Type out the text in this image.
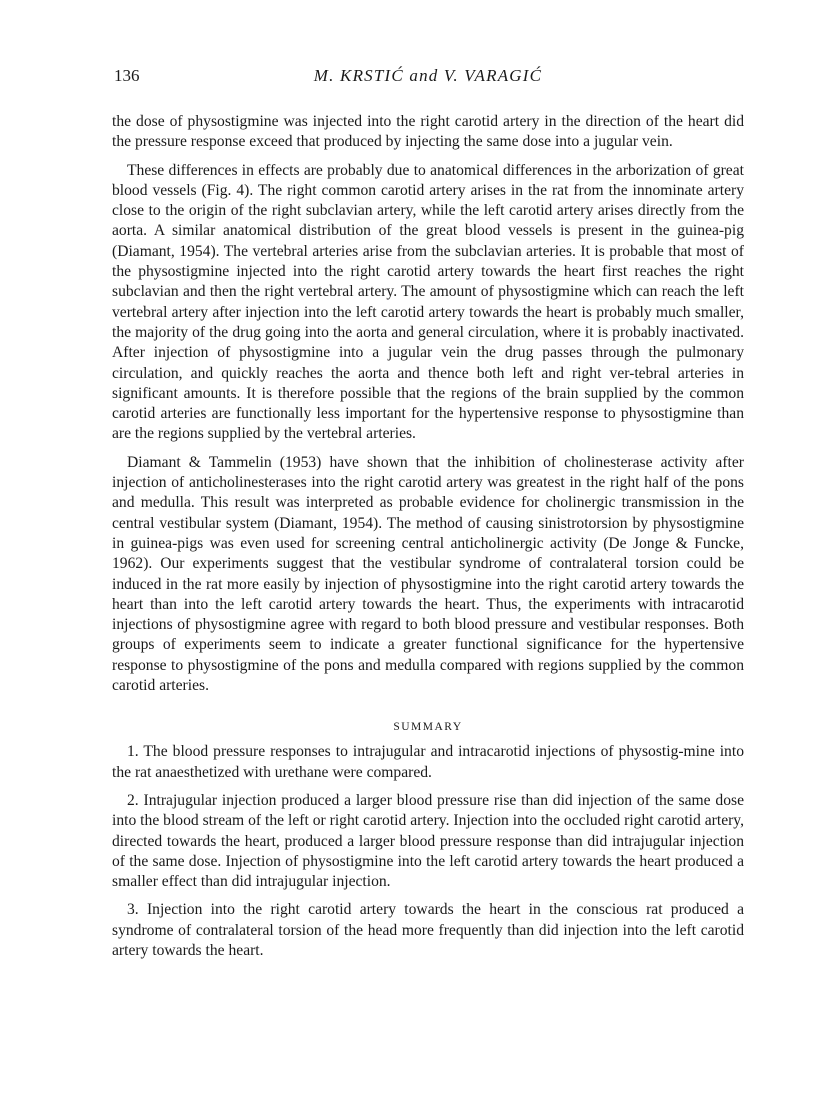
136	M. KRSTIĆ and V. VARAGIĆ

the dose of physostigmine was injected into the right carotid artery in the direction of the heart did the pressure response exceed that produced by injecting the same dose into a jugular vein.

These differences in effects are probably due to anatomical differences in the arborization of great blood vessels (Fig. 4). The right common carotid artery arises in the rat from the innominate artery close to the origin of the right subclavian artery, while the left carotid artery arises directly from the aorta. A similar anatomical distribution of the great blood vessels is present in the guinea-pig (Diamant, 1954). The vertebral arteries arise from the subclavian arteries. It is probable that most of the physostigmine injected into the right carotid artery towards the heart first reaches the right subclavian and then the right vertebral artery. The amount of physostigmine which can reach the left vertebral artery after injection into the left carotid artery towards the heart is probably much smaller, the majority of the drug going into the aorta and general circulation, where it is probably inactivated. After injection of physostigmine into a jugular vein the drug passes through the pulmonary circulation, and quickly reaches the aorta and thence both left and right ver-tebral arteries in significant amounts. It is therefore possible that the regions of the brain supplied by the common carotid arteries are functionally less important for the hypertensive response to physostigmine than are the regions supplied by the vertebral arteries.

Diamant & Tammelin (1953) have shown that the inhibition of cholinesterase activity after injection of anticholinesterases into the right carotid artery was greatest in the right half of the pons and medulla. This result was interpreted as probable evidence for cholinergic transmission in the central vestibular system (Diamant, 1954). The method of causing sinistrotorsion by physostigmine in guinea-pigs was even used for screening central anticholinergic activity (De Jonge & Funcke, 1962). Our experiments suggest that the vestibular syndrome of contralateral torsion could be induced in the rat more easily by injection of physostigmine into the right carotid artery towards the heart than into the left carotid artery towards the heart. Thus, the experiments with intracarotid injections of physostigmine agree with regard to both blood pressure and vestibular responses. Both groups of experiments seem to indicate a greater functional significance for the hypertensive response to physostigmine of the pons and medulla compared with regions supplied by the common carotid arteries.

SUMMARY

1. The blood pressure responses to intrajugular and intracarotid injections of physostig-mine into the rat anaesthetized with urethane were compared.

2. Intrajugular injection produced a larger blood pressure rise than did injection of the same dose into the blood stream of the left or right carotid artery. Injection into the occluded right carotid artery, directed towards the heart, produced a larger blood pressure response than did intrajugular injection of the same dose. Injection of physostigmine into the left carotid artery towards the heart produced a smaller effect than did intrajugular injection.

3. Injection into the right carotid artery towards the heart in the conscious rat produced a syndrome of contralateral torsion of the head more frequently than did injection into the left carotid artery towards the heart.
